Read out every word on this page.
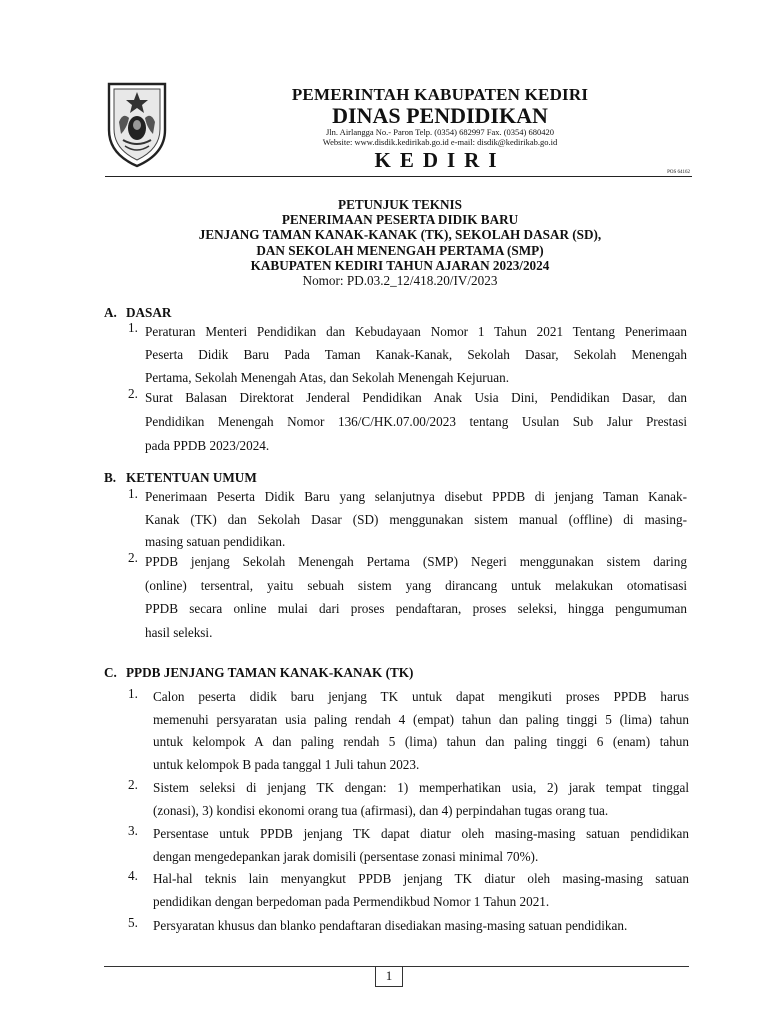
PEMERINTAH KABUPATEN KEDIRI
DINAS PENDIDIKAN
Jln. Airlangga No.- Paron Telp. (0354) 682997 Fax. (0354) 680420
Website: www.disdik.kedirikab.go.id e-mail: disdik@kedirikab.go.id
KEDIRI
POS 64162
PETUNJUK TEKNIS
PENERIMAAN PESERTA DIDIK BARU
JENJANG TAMAN KANAK-KANAK (TK), SEKOLAH DASAR (SD),
DAN SEKOLAH MENENGAH PERTAMA (SMP)
KABUPATEN KEDIRI TAHUN AJARAN 2023/2024
Nomor: PD.03.2_12/418.20/IV/2023
A. DASAR
1. Peraturan Menteri Pendidikan dan Kebudayaan Nomor 1 Tahun 2021 Tentang Penerimaan
Peserta Didik Baru Pada Taman Kanak-Kanak, Sekolah Dasar, Sekolah Menengah
Pertama, Sekolah Menengah Atas, dan Sekolah Menengah Kejuruan.
2. Surat Balasan Direktorat Jenderal Pendidikan Anak Usia Dini, Pendidikan Dasar, dan
Pendidikan Menengah Nomor 136/C/HK.07.00/2023 tentang Usulan Sub Jalur Prestasi
pada PPDB 2023/2024.
B. KETENTUAN UMUM
1. Penerimaan Peserta Didik Baru yang selanjutnya disebut PPDB di jenjang Taman Kanak-
Kanak (TK) dan Sekolah Dasar (SD) menggunakan sistem manual (offline) di masing-
masing satuan pendidikan.
2. PPDB jenjang Sekolah Menengah Pertama (SMP) Negeri menggunakan sistem daring
(online) tersentral, yaitu sebuah sistem yang dirancang untuk melakukan otomatisasi
PPDB secara online mulai dari proses pendaftaran, proses seleksi, hingga pengumuman
hasil seleksi.
C. PPDB JENJANG TAMAN KANAK-KANAK (TK)
1. Calon peserta didik baru jenjang TK untuk dapat mengikuti proses PPDB harus
memenuhi persyaratan usia paling rendah 4 (empat) tahun dan paling tinggi 5 (lima) tahun
untuk kelompok A dan paling rendah 5 (lima) tahun dan paling tinggi 6 (enam) tahun
untuk kelompok B pada tanggal 1 Juli tahun 2023.
2. Sistem seleksi di jenjang TK dengan: 1) memperhatikan usia, 2) jarak tempat tinggal
(zonasi), 3) kondisi ekonomi orang tua (afirmasi), dan 4) perpindahan tugas orang tua.
3. Persentase untuk PPDB jenjang TK dapat diatur oleh masing-masing satuan pendidikan
dengan mengedepankan jarak domisili (persentase zonasi minimal 70%).
4. Hal-hal teknis lain menyangkut PPDB jenjang TK diatur oleh masing-masing satuan
pendidikan dengan berpedoman pada Permendikbud Nomor 1 Tahun 2021.
5. Persyaratan khusus dan blanko pendaftaran disediakan masing-masing satuan pendidikan.
1
